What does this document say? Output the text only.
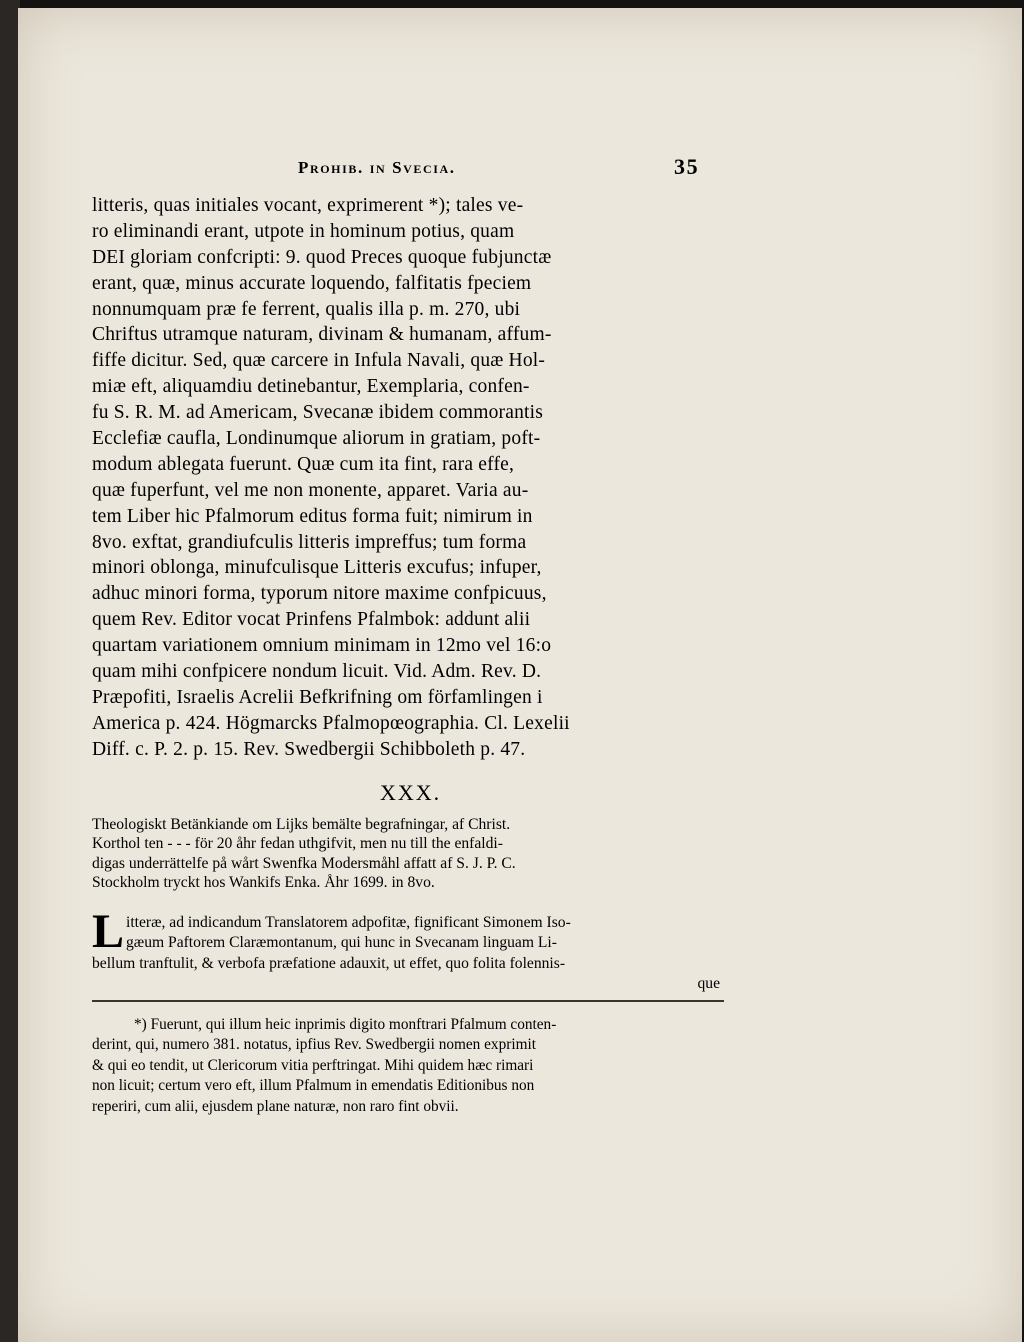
Prohib. in Svecia.	35
litteris, quas initiales vocant, exprimerent *); tales ve-
ro eliminandi erant, utpote in hominum potius, quam
DEI gloriam confcripti: 9. quod Preces quoque fubjunctæ
erant, quæ, minus accurate loquendo, falfitatis fpeciem
nonnumquam præ fe ferrent, qualis illa p. m. 270, ubi
Chriftus utramque naturam, divinam & humanam, affum-
fiffe dicitur. Sed, quæ carcere in Infula Navali, quæ Hol-
miæ eft, aliquamdiu detinebantur, Exemplaria, confen-
fu S. R. M. ad Americam, Svecanæ ibidem commorantis
Ecclefiæ caufla, Londinumque aliorum in gratiam, poft-
modum ablegata fuerunt. Quæ cum ita fint, rara effe,
quæ fuperfunt, vel me non monente, apparet. Varia au-
tem Liber hic Pfalmorum editus forma fuit; nimirum in
8vo. exftat, grandiufculis litteris impreffus; tum forma
minori oblonga, minufculisque Litteris excufus; infuper,
adhuc minori forma, typorum nitore maxime confpicuus,
quem Rev. Editor vocat Prinfens Pfalmbok: addunt alii
quartam variationem omnium minimam in 12mo vel 16:o
quam mihi confpicere nondum licuit. Vid. Adm. Rev. D.
Præpofiti, Israelis Acrelii Befkrifning om förfamlingen i
America p. 424. Högmarcks Pfalmopœographia. Cl. Lexelii
Diff. c. P. 2. p. 15. Rev. Swedbergii Schibboleth p. 47.
XXX.
Theologiskt Betänkiande om Lijks bemälte begrafningar, af Christ.
Korthol ten - - - för 20 åhr fedan uthgifvit, men nu till the enfaldi-
digas underrättelfe på wårt Swenfka Modersmåhl affatt af S. J. P. C.
Stockholm tryckt hos Wankifs Enka. Åhr 1699. in 8vo.
L itteræ, ad indicandum Translatorem adpofitæ, fignificant Simonem Iso-
gæum Paftorem Claræmontanum, qui hunc in Svecanam linguam Li-
bellum tranftulit, & verbofa præfatione adauxit, ut effet, quo folita folennis-
que
*) Fuerunt, qui illum heic inprimis digito monftrari Pfalmum conten-
derint, qui, numero 381. notatus, ipfius Rev. Swedbergii nomen exprimit
& qui eo tendit, ut Clericorum vitia perftringat. Mihi quidem hæc rimari
non licuit; certum vero eft, illum Pfalmum in emendatis Editionibus non
reperiri, cum alii, ejusdem plane naturæ, non raro fint obvii.
